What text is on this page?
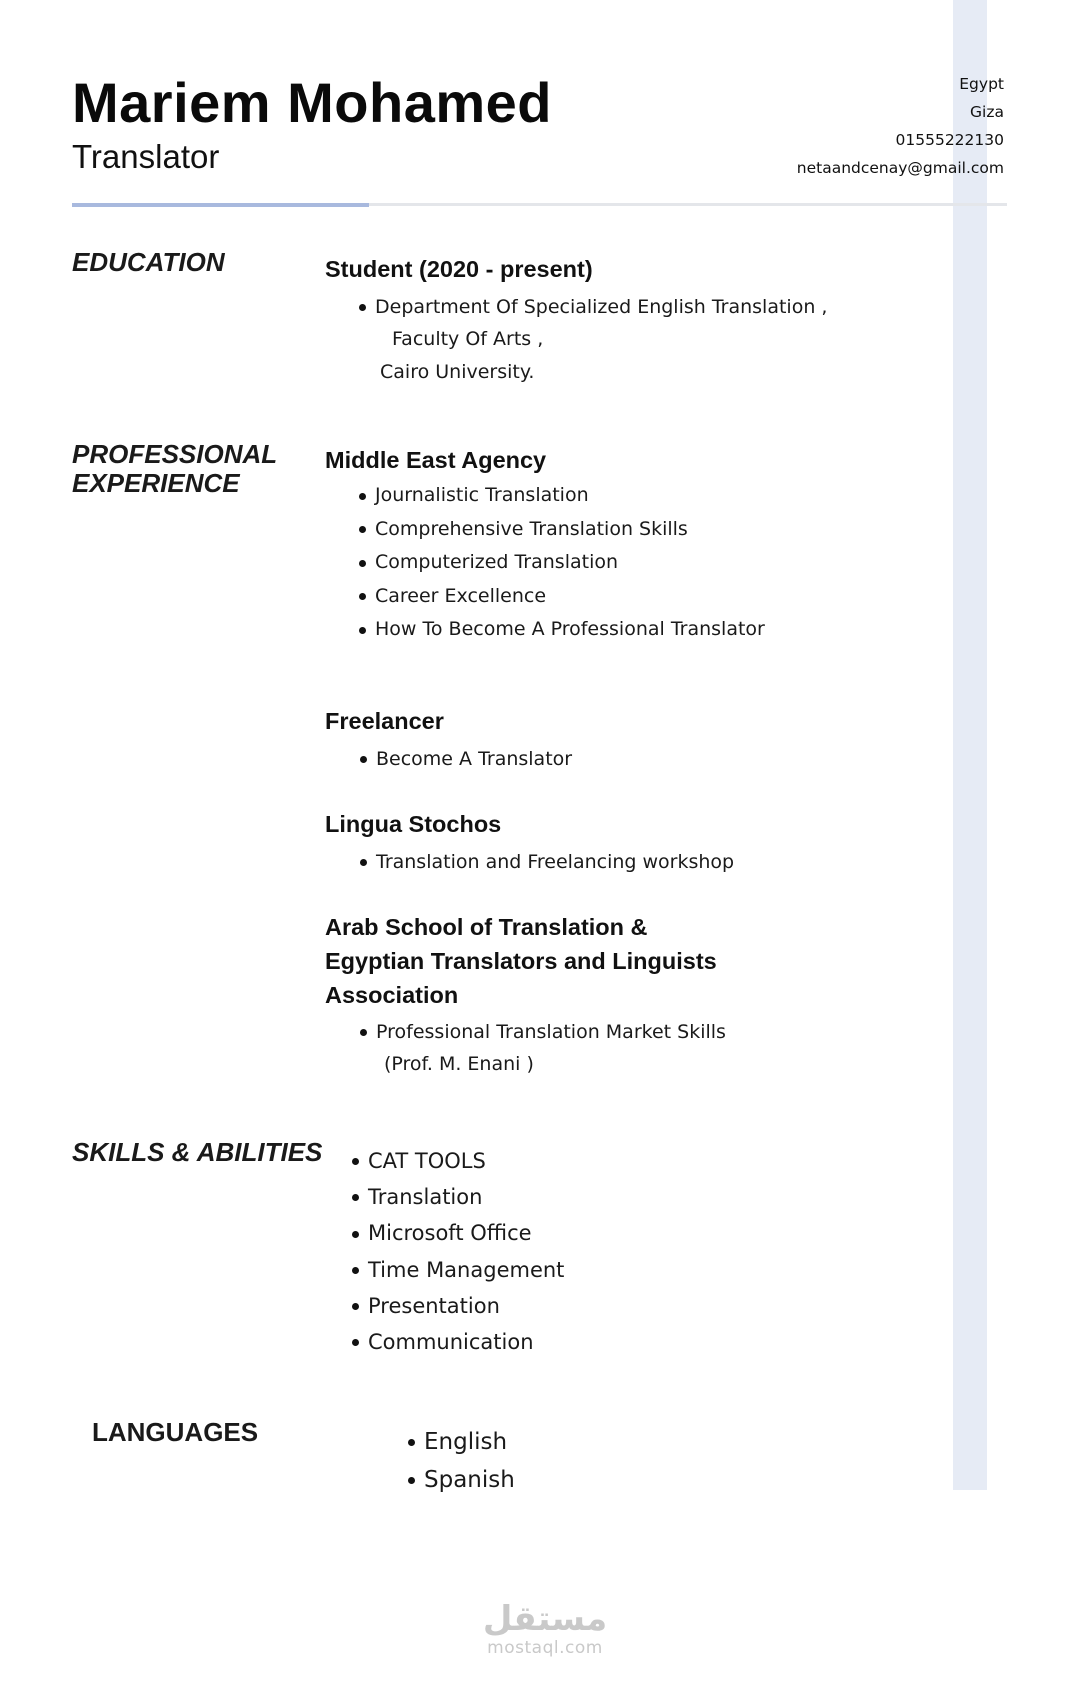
Mariem Mohamed
Translator
Egypt
Giza
01555222130
netaandcenay@gmail.com
EDUCATION	Student (2020 - present)
Department Of Specialized English Translation ,
Faculty Of Arts ,
Cairo University.
PROFESSIONAL
EXPERIENCE
Middle East Agency
Journalistic Translation
Comprehensive Translation Skills
Computerized Translation
Career Excellence
How To Become A Professional Translator
Freelancer
Become A Translator
Lingua Stochos
Translation and Freelancing workshop
Arab School of Translation &
Egyptian Translators and Linguists
Association
Professional Translation Market Skills
(Prof. M. Enani )
SKILLS & ABILITIES	CAT TOOLS
Translation
Microsoft Office
Time Management
Presentation
Communication
LANGUAGES	English
Spanish
مستقل
mostaql.com
